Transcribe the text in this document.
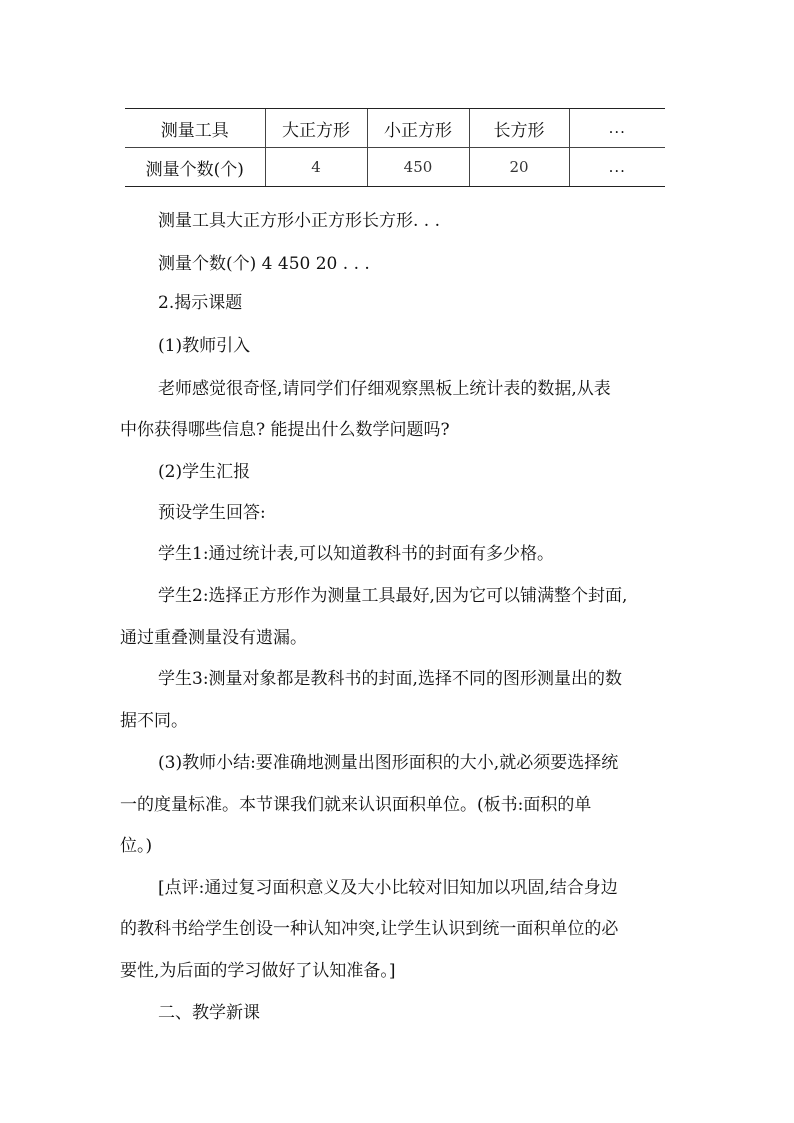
测量工具	大正方形	小正方形	长方形	...
测量个数(个)	4	450	20	...
测量工具大正方形小正方形长方形. . .
测量个数(个) 4 450 20 . . .
2.揭示课题
(1)教师引入
老师感觉很奇怪,请同学们仔细观察黑板上统计表的数据,从表
中你获得哪些信息? 能提出什么数学问题吗?
(2)学生汇报
预设学生回答:
学生1:通过统计表,可以知道教科书的封面有多少格。
学生2:选择正方形作为测量工具最好,因为它可以铺满整个封面,
通过重叠测量没有遗漏。
学生3:测量对象都是教科书的封面,选择不同的图形测量出的数
据不同。
(3)教师小结:要准确地测量出图形面积的大小,就必须要选择统
一的度量标准。本节课我们就来认识面积单位。(板书:面积的单
位。)
[点评:通过复习面积意义及大小比较对旧知加以巩固,结合身边
的教科书给学生创设一种认知冲突,让学生认识到统一面积单位的必
要性,为后面的学习做好了认知准备。]
二、教学新课
